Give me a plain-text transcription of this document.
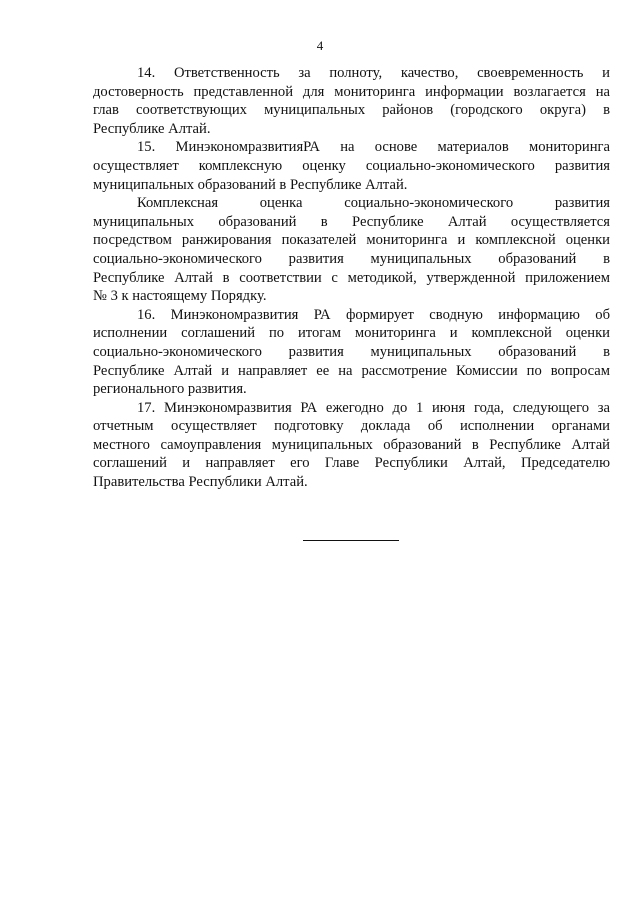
4
14. Ответственность за полноту, качество, своевременность и
достоверность представленной для мониторинга информации возлагается на
глав соответствующих муниципальных районов (городского округа) в
Республике Алтай.
15. МинэкономразвитияРА на основе материалов мониторинга
осуществляет комплексную оценку социально-экономического развития
муниципальных образований в Республике Алтай.
Комплексная оценка социально-экономического развития
муниципальных образований в Республике Алтай осуществляется
посредством ранжирования показателей мониторинга и комплексной оценки
социально-экономического развития муниципальных образований в
Республике Алтай в соответствии с методикой, утвержденной приложением
№ 3 к настоящему Порядку.
16. Минэкономразвития РА формирует сводную информацию об
исполнении соглашений по итогам мониторинга и комплексной оценки
социально-экономического развития муниципальных образований в
Республике Алтай и направляет ее на рассмотрение Комиссии по вопросам
регионального развития.
17. Минэкономразвития РА ежегодно до 1 июня года, следующего за
отчетным осуществляет подготовку доклада об исполнении органами
местного самоуправления муниципальных образований в Республике Алтай
соглашений и направляет его Главе Республики Алтай, Председателю
Правительства Республики Алтай.
